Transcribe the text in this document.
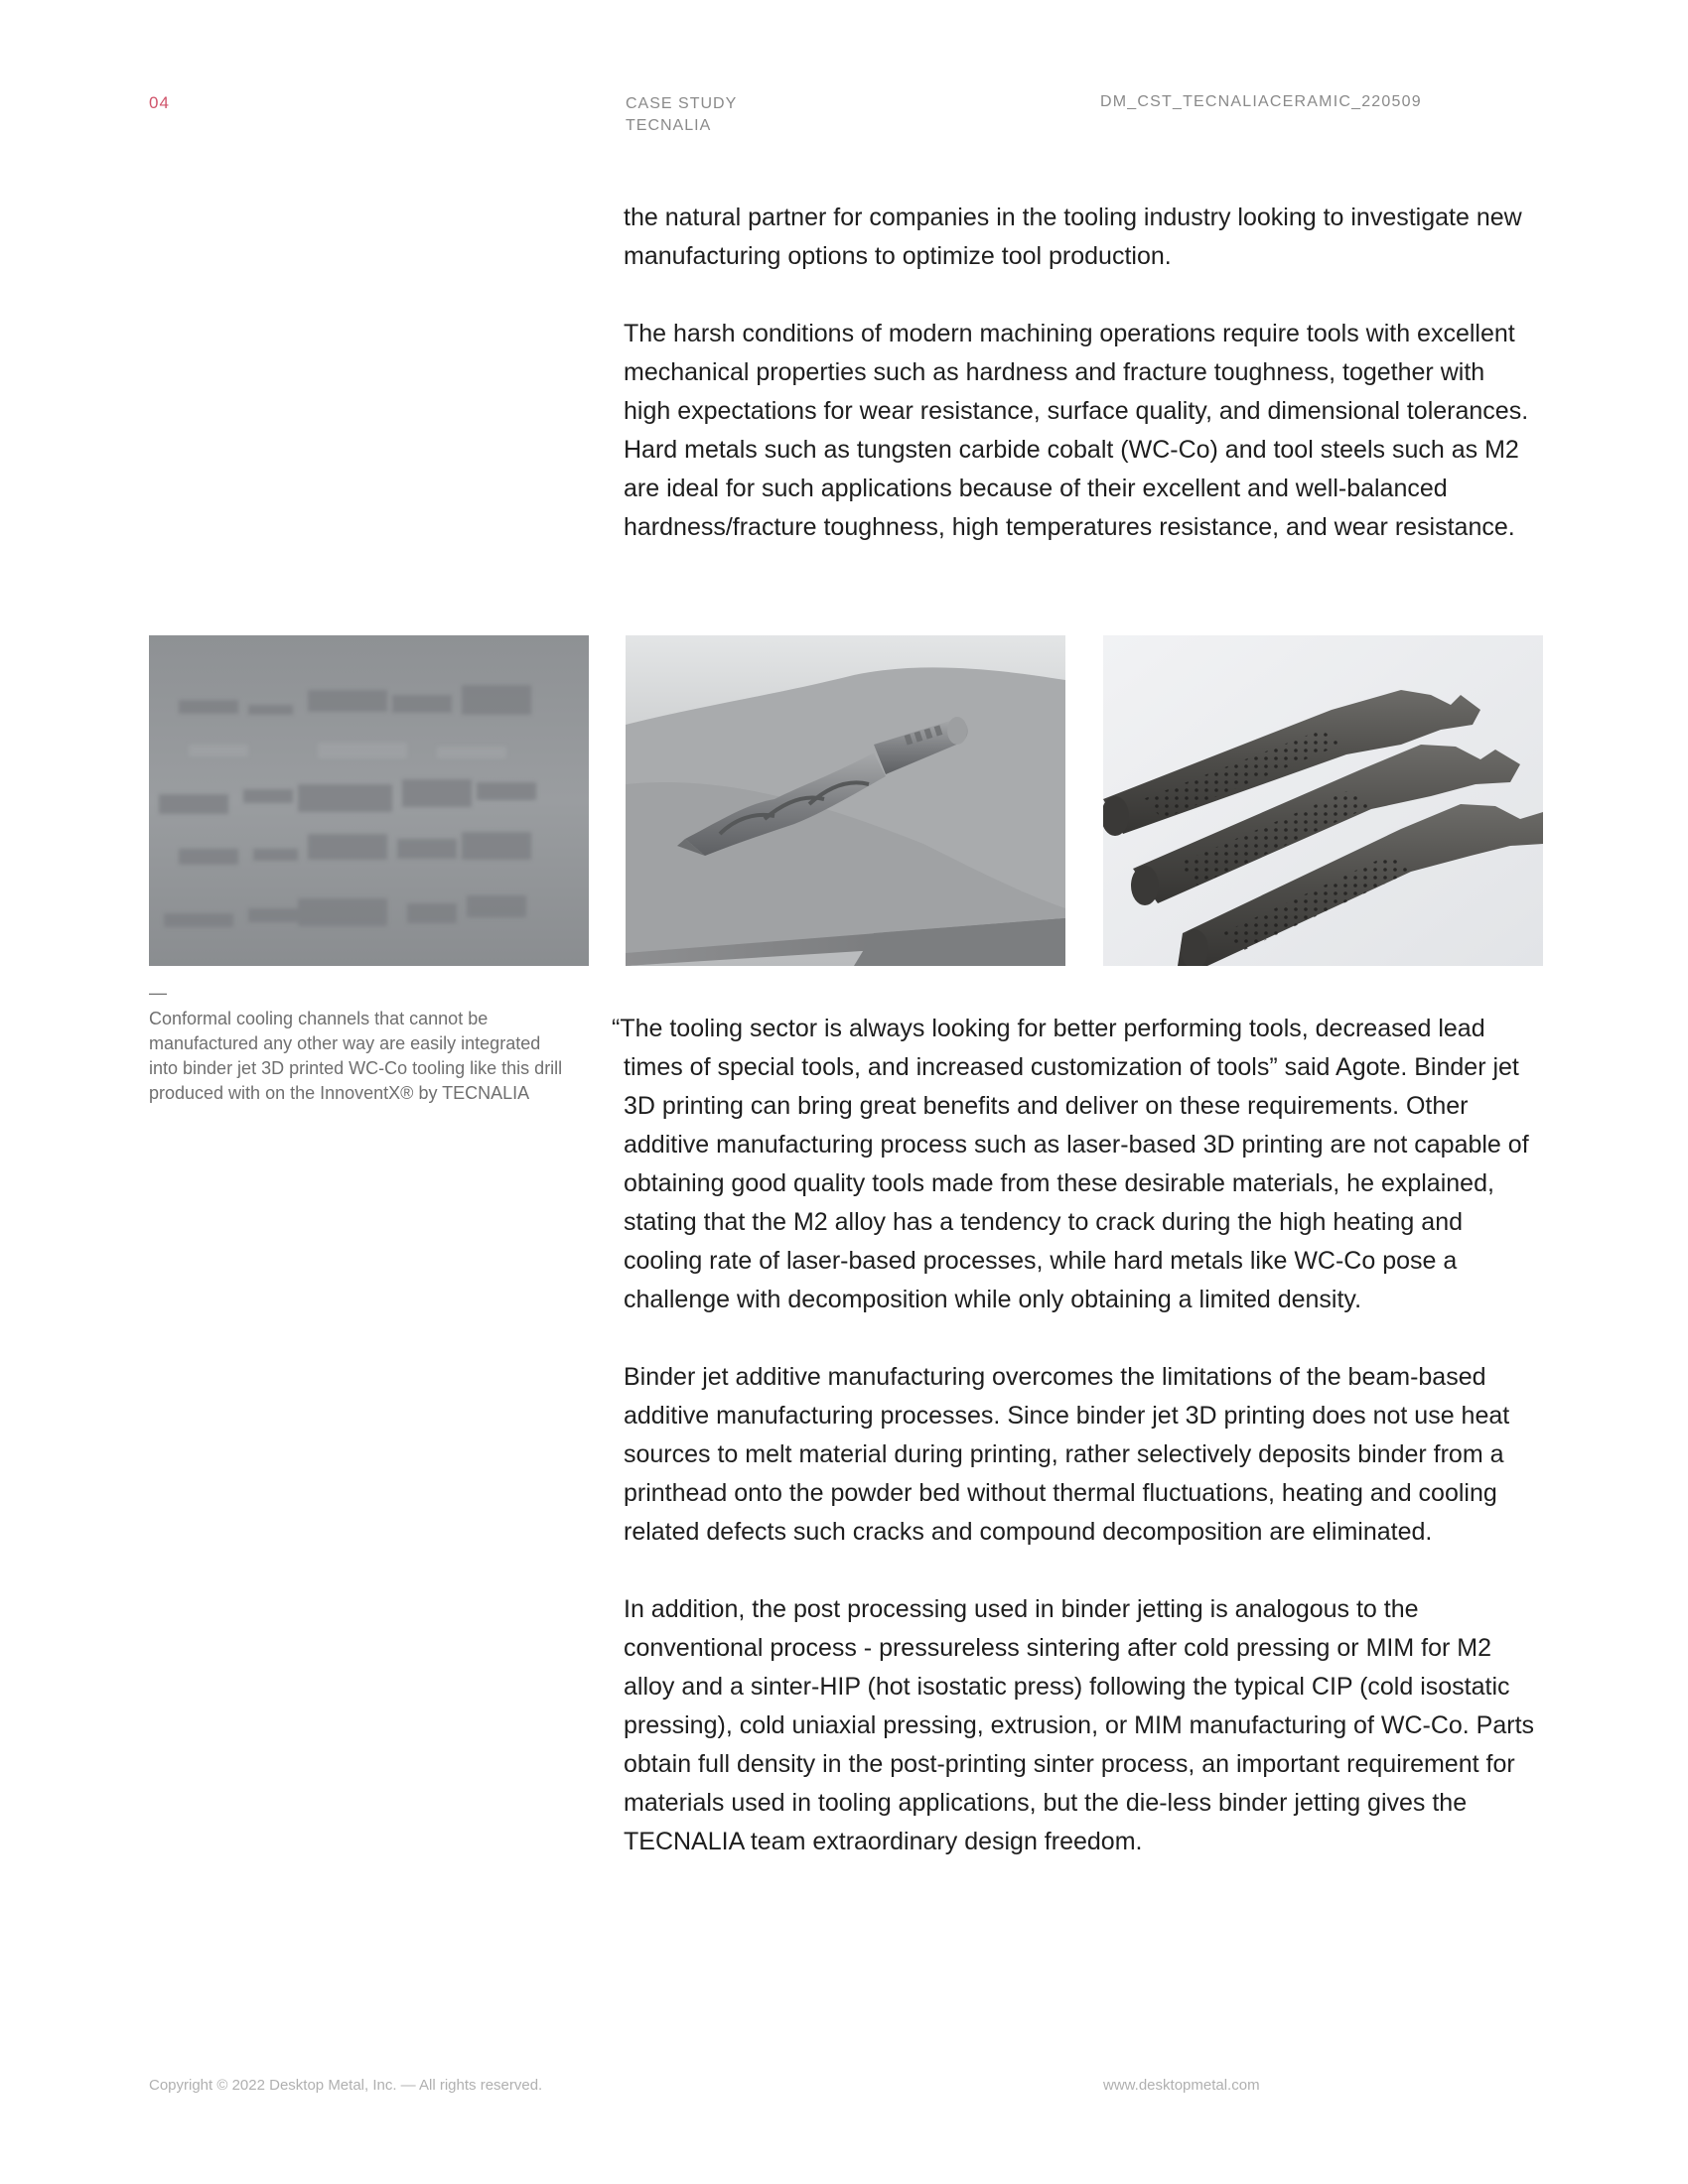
04	CASE STUDY
TECNALIA
DM_CST_TECNALIACERAMIC_220509

the natural partner for companies in the tooling industry looking to investigate new manufacturing options to optimize tool production.

The harsh conditions of modern machining operations require tools with excellent mechanical properties such as hardness and fracture toughness, together with high expectations for wear resistance, surface quality, and dimensional tolerances. Hard metals such as tungsten carbide cobalt (WC-Co) and tool steels such as M2 are ideal for such applications because of their excellent and well-balanced hardness/fracture toughness, high temperatures resistance, and wear resistance.

—
Conformal cooling channels that cannot be manufactured any other way are easily integrated into binder jet 3D printed WC-Co tooling like this drill produced with on the InnoventX® by TECNALIA

“The tooling sector is always looking for better performing tools, decreased lead times of special tools, and increased customization of tools” said Agote. Binder jet 3D printing can bring great benefits and deliver on these requirements. Other additive manufacturing process such as laser-based 3D printing are not capable of obtaining good quality tools made from these desirable materials, he explained, stating that the M2 alloy has a tendency to crack during the high heating and cooling rate of laser-based processes, while hard metals like WC-Co pose a challenge with decomposition while only obtaining a limited density.

Binder jet additive manufacturing overcomes the limitations of the beam-based additive manufacturing processes. Since binder jet 3D printing does not use heat sources to melt material during printing, rather selectively deposits binder from a printhead onto the powder bed without thermal fluctuations, heating and cooling related defects such cracks and compound decomposition are eliminated.

In addition, the post processing used in binder jetting is analogous to the conventional process - pressureless sintering after cold pressing or MIM for M2 alloy and a sinter-HIP (hot isostatic press) following the typical CIP (cold isostatic pressing), cold uniaxial pressing, extrusion, or MIM manufacturing of WC-Co. Parts obtain full density in the post-printing sinter process, an important requirement for materials used in tooling applications, but the die-less binder jetting gives the TECNALIA team extraordinary design freedom.

Copyright © 2022 Desktop Metal, Inc. — All rights reserved.	www.desktopmetal.com
